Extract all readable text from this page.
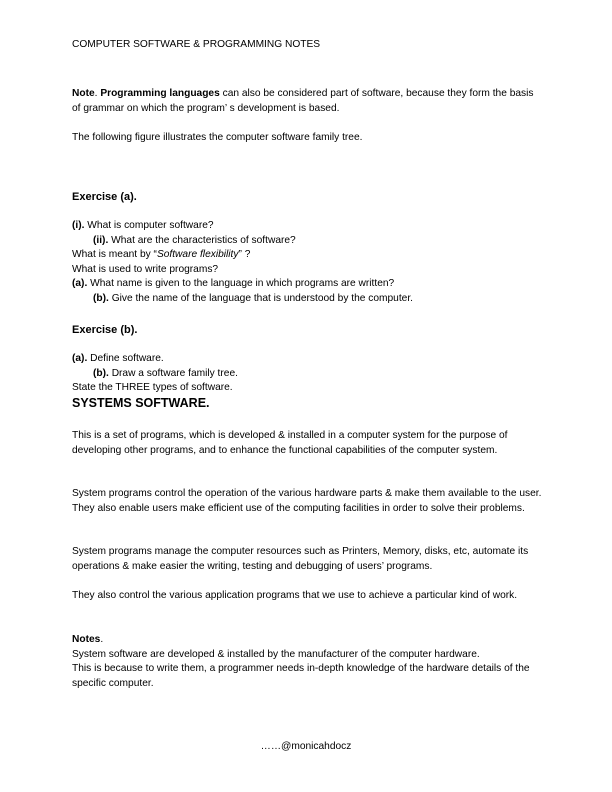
COMPUTER SOFTWARE & PROGRAMMING NOTES
Note. Programming languages can also be considered part of software, because they form the basis of grammar on which the program’ s development is based.
The following figure illustrates the computer software family tree.
Exercise (a).
(i). What is computer software?
(ii). What are the characteristics of software?
What is meant by “Software flexibility” ?
What is used to write programs?
(a). What name is given to the language in which programs are written?
(b). Give the name of the language that is understood by the computer.
Exercise (b).
(a). Define software.
(b). Draw a software family tree.
State the THREE types of software.
SYSTEMS SOFTWARE.
This is a set of programs, which is developed & installed in a computer system for the purpose of developing other programs, and to enhance the functional capabilities of the computer system.
System programs control the operation of the various hardware parts & make them available to the user. They also enable users make efficient use of the computing facilities in order to solve their problems.
System programs manage the computer resources such as Printers, Memory, disks, etc, automate its operations & make easier the writing, testing and debugging of users’ programs.
They also control the various application programs that we use to achieve a particular kind of work.
Notes.
System software are developed & installed by the manufacturer of the computer hardware.
This is because to write them, a programmer needs in-depth knowledge of the hardware details of the specific computer.
……@monicahdocz
